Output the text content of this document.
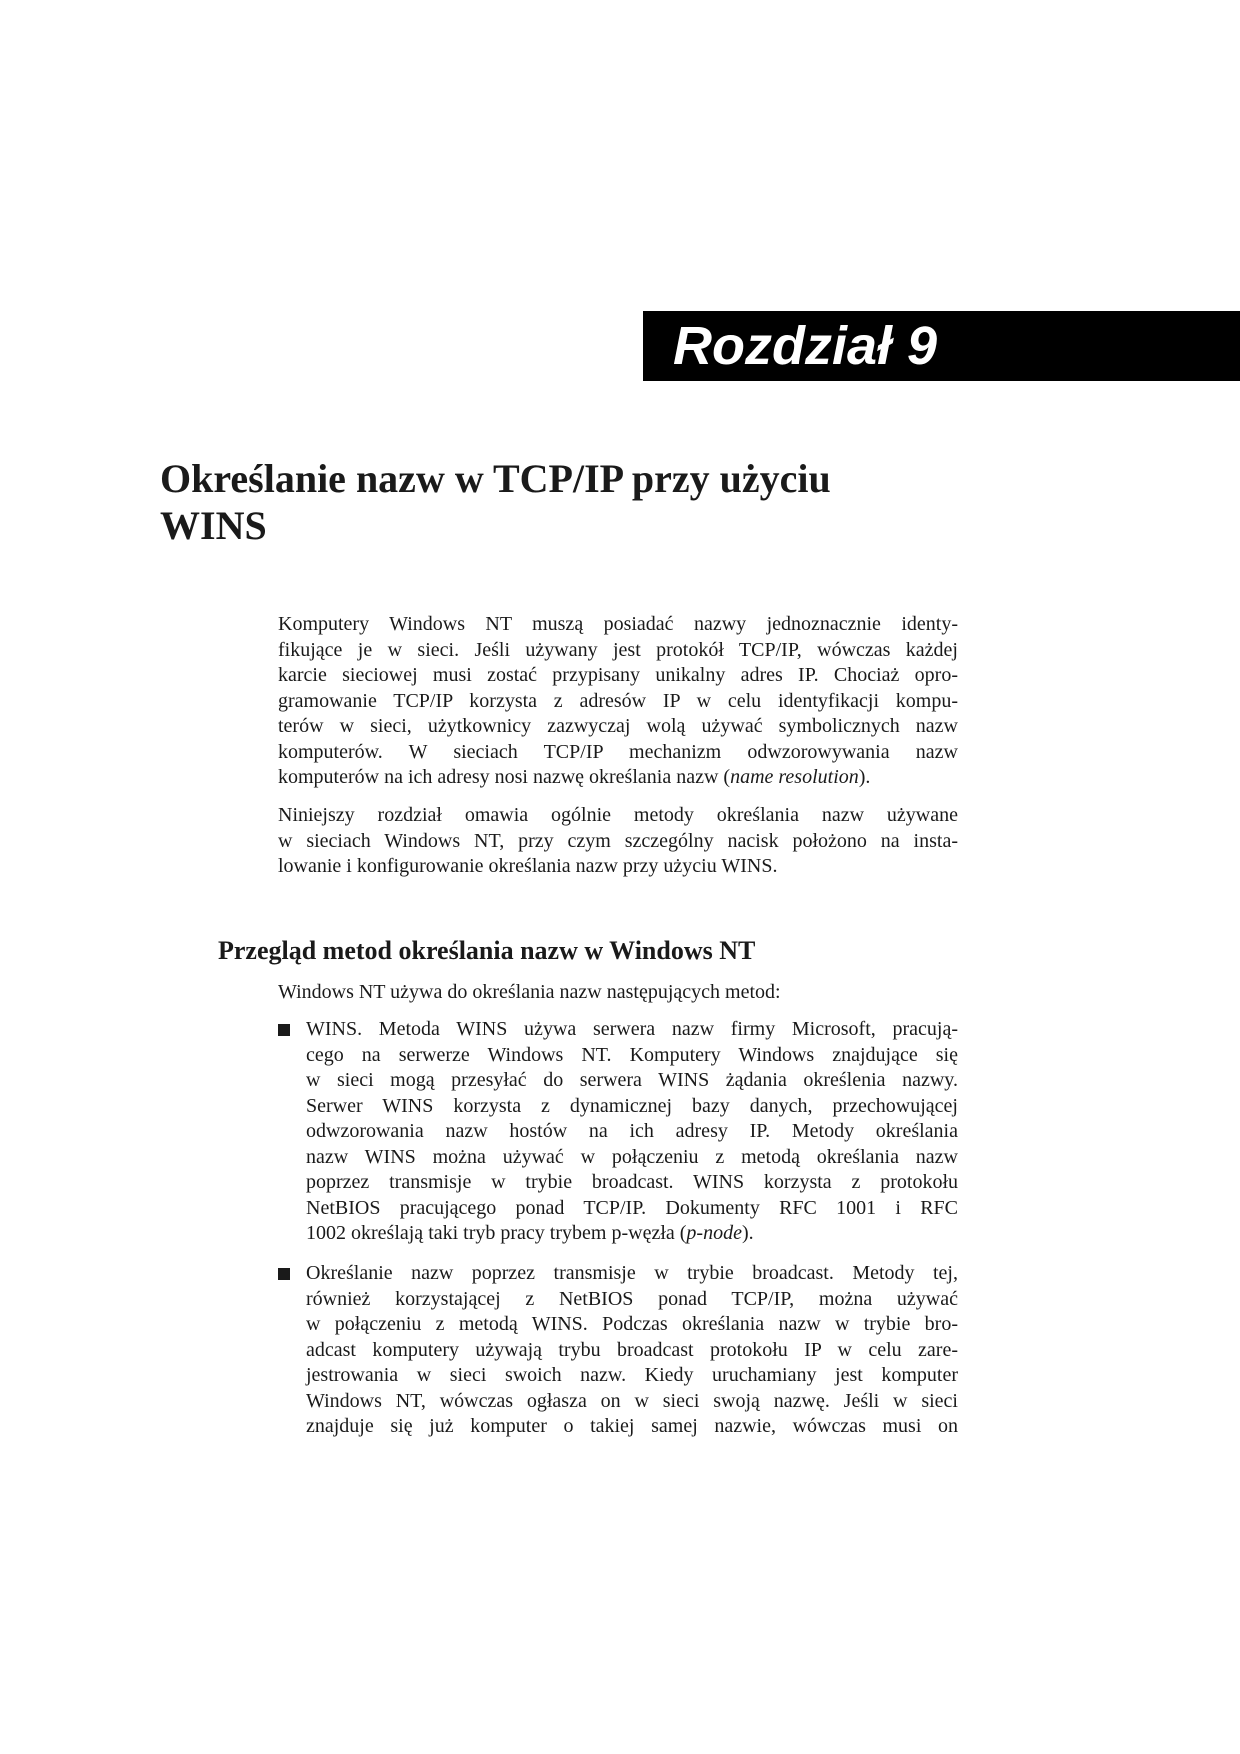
Rozdział 9
Określanie nazw w TCP/IP przy użyciu
WINS

Komputery Windows NT muszą posiadać nazwy jednoznacznie identy-
fikujące je w sieci. Jeśli używany jest protokół TCP/IP, wówczas każdej
karcie sieciowej musi zostać przypisany unikalny adres IP. Chociaż opro-
gramowanie TCP/IP korzysta z adresów IP w celu identyfikacji kompu-
terów w sieci, użytkownicy zazwyczaj wolą używać symbolicznych nazw
komputerów. W sieciach TCP/IP mechanizm odwzorowywania nazw
komputerów na ich adresy nosi nazwę określania nazw (name resolution).

Niniejszy rozdział omawia ogólnie metody określania nazw używane
w sieciach Windows NT, przy czym szczególny nacisk położono na insta-
lowanie i konfigurowanie określania nazw przy użyciu WINS.

Przegląd metod określania nazw w Windows NT

Windows NT używa do określania nazw następujących metod:

WINS. Metoda WINS używa serwera nazw firmy Microsoft, pracują-
cego na serwerze Windows NT. Komputery Windows znajdujące się
w sieci mogą przesyłać do serwera WINS żądania określenia nazwy.
Serwer WINS korzysta z dynamicznej bazy danych, przechowującej
odwzorowania nazw hostów na ich adresy IP. Metody określania
nazw WINS można używać w połączeniu z metodą określania nazw
poprzez transmisje w trybie broadcast. WINS korzysta z protokołu
NetBIOS pracującego ponad TCP/IP. Dokumenty RFC 1001 i RFC
1002 określają taki tryb pracy trybem p-węzła (p-node).
Określanie nazw poprzez transmisje w trybie broadcast. Metody tej,
również korzystającej z NetBIOS ponad TCP/IP, można używać
w połączeniu z metodą WINS. Podczas określania nazw w trybie bro-
adcast komputery używają trybu broadcast protokołu IP w celu zare-
jestrowania w sieci swoich nazw. Kiedy uruchamiany jest komputer
Windows NT, wówczas ogłasza on w sieci swoją nazwę. Jeśli w sieci
znajduje się już komputer o takiej samej nazwie, wówczas musi on
